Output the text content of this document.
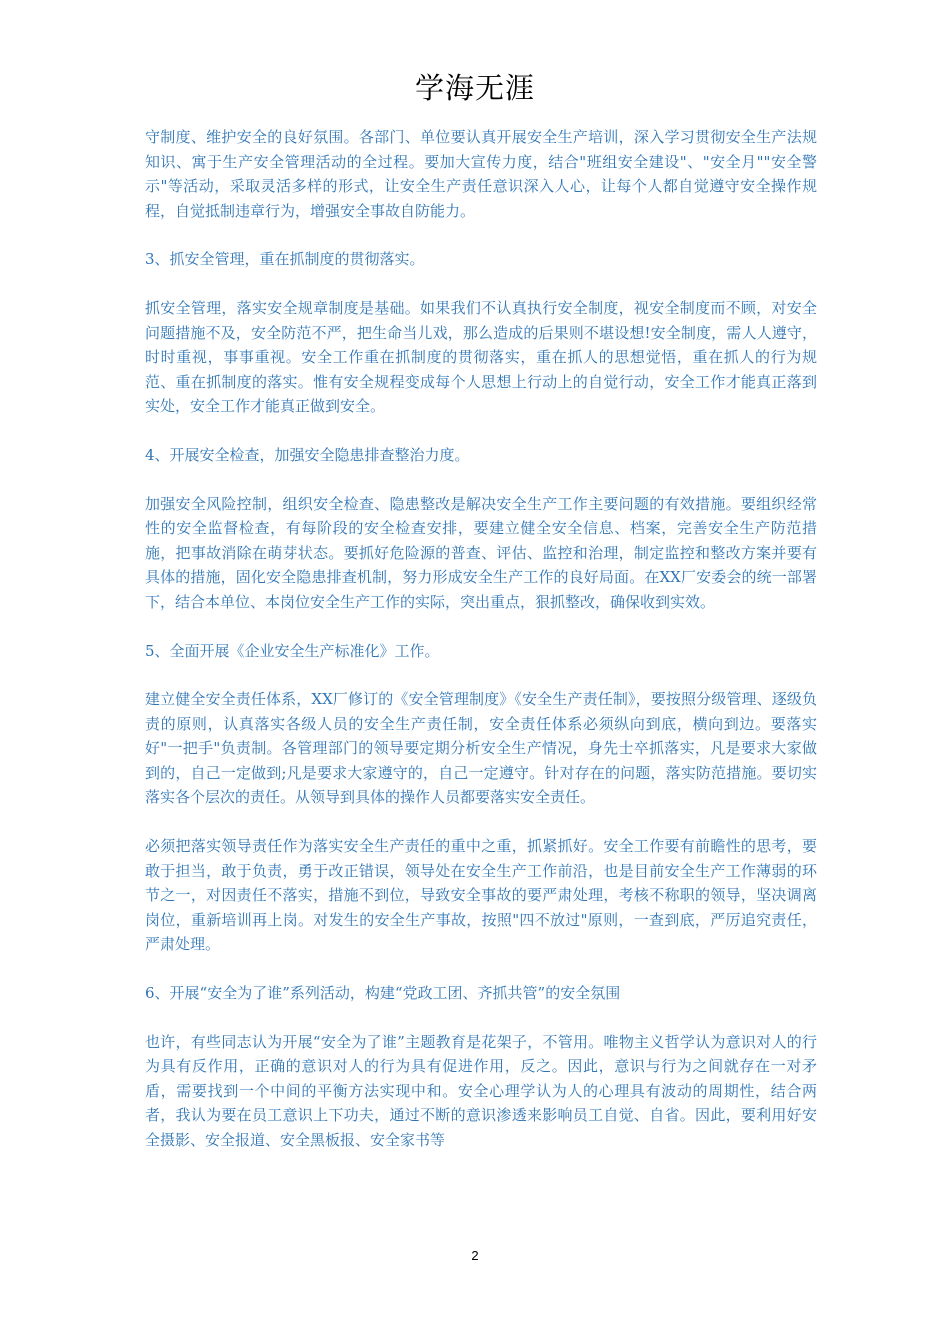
学海无涯

守制度、维护安全的良好氛围。各部门、单位要认真开展安全生产培训，深入学习贯彻安全生产法规知识、寓于生产安全管理活动的全过程。要加大宣传力度，结合"班组安全建设"、"安全月""安全警示"等活动，采取灵活多样的形式，让安全生产责任意识深入人心，让每个人都自觉遵守安全操作规程，自觉抵制违章行为，增强安全事故自防能力。

3、抓安全管理，重在抓制度的贯彻落实。

抓安全管理，落实安全规章制度是基础。如果我们不认真执行安全制度，视安全制度而不顾，对安全问题措施不及，安全防范不严，把生命当儿戏，那么造成的后果则不堪设想!安全制度，需人人遵守，时时重视，事事重视。安全工作重在抓制度的贯彻落实，重在抓人的思想觉悟，重在抓人的行为规范、重在抓制度的落实。惟有安全规程变成每个人思想上行动上的自觉行动，安全工作才能真正落到实处，安全工作才能真正做到安全。

4、开展安全检查，加强安全隐患排查整治力度。

加强安全风险控制，组织安全检查、隐患整改是解决安全生产工作主要问题的有效措施。要组织经常性的安全监督检查，有每阶段的安全检查安排，要建立健全安全信息、档案，完善安全生产防范措施，把事故消除在萌芽状态。要抓好危险源的普查、评估、监控和治理，制定监控和整改方案并要有具体的措施，固化安全隐患排查机制，努力形成安全生产工作的良好局面。在XX厂安委会的统一部署下，结合本单位、本岗位安全生产工作的实际，突出重点，狠抓整改，确保收到实效。

5、全面开展《企业安全生产标准化》工作。

建立健全安全责任体系，XX厂修订的《安全管理制度》《安全生产责任制》，要按照分级管理、逐级负责的原则，认真落实各级人员的安全生产责任制，安全责任体系必须纵向到底，横向到边。要落实好"一把手"负责制。各管理部门的领导要定期分析安全生产情况，身先士卒抓落实，凡是要求大家做到的，自己一定做到;凡是要求大家遵守的，自己一定遵守。针对存在的问题，落实防范措施。要切实落实各个层次的责任。从领导到具体的操作人员都要落实安全责任。

必须把落实领导责任作为落实安全生产责任的重中之重，抓紧抓好。安全工作要有前瞻性的思考，要敢于担当，敢于负责，勇于改正错误，领导处在安全生产工作前沿，也是目前安全生产工作薄弱的环节之一，对因责任不落实，措施不到位，导致安全事故的要严肃处理，考核不称职的领导，坚决调离岗位，重新培训再上岗。对发生的安全生产事故，按照"四不放过"原则，一查到底，严厉追究责任，严肃处理。

6、开展“安全为了谁”系列活动，构建“党政工团、齐抓共管”的安全氛围

也许，有些同志认为开展“安全为了谁”主题教育是花架子，不管用。唯物主义哲学认为意识对人的行为具有反作用，正确的意识对人的行为具有促进作用，反之。因此，意识与行为之间就存在一对矛盾，需要找到一个中间的平衡方法实现中和。安全心理学认为人的心理具有波动的周期性，结合两者，我认为要在员工意识上下功夫，通过不断的意识渗透来影响员工自觉、自省。因此，要利用好安全摄影、安全报道、安全黑板报、安全家书等

2
